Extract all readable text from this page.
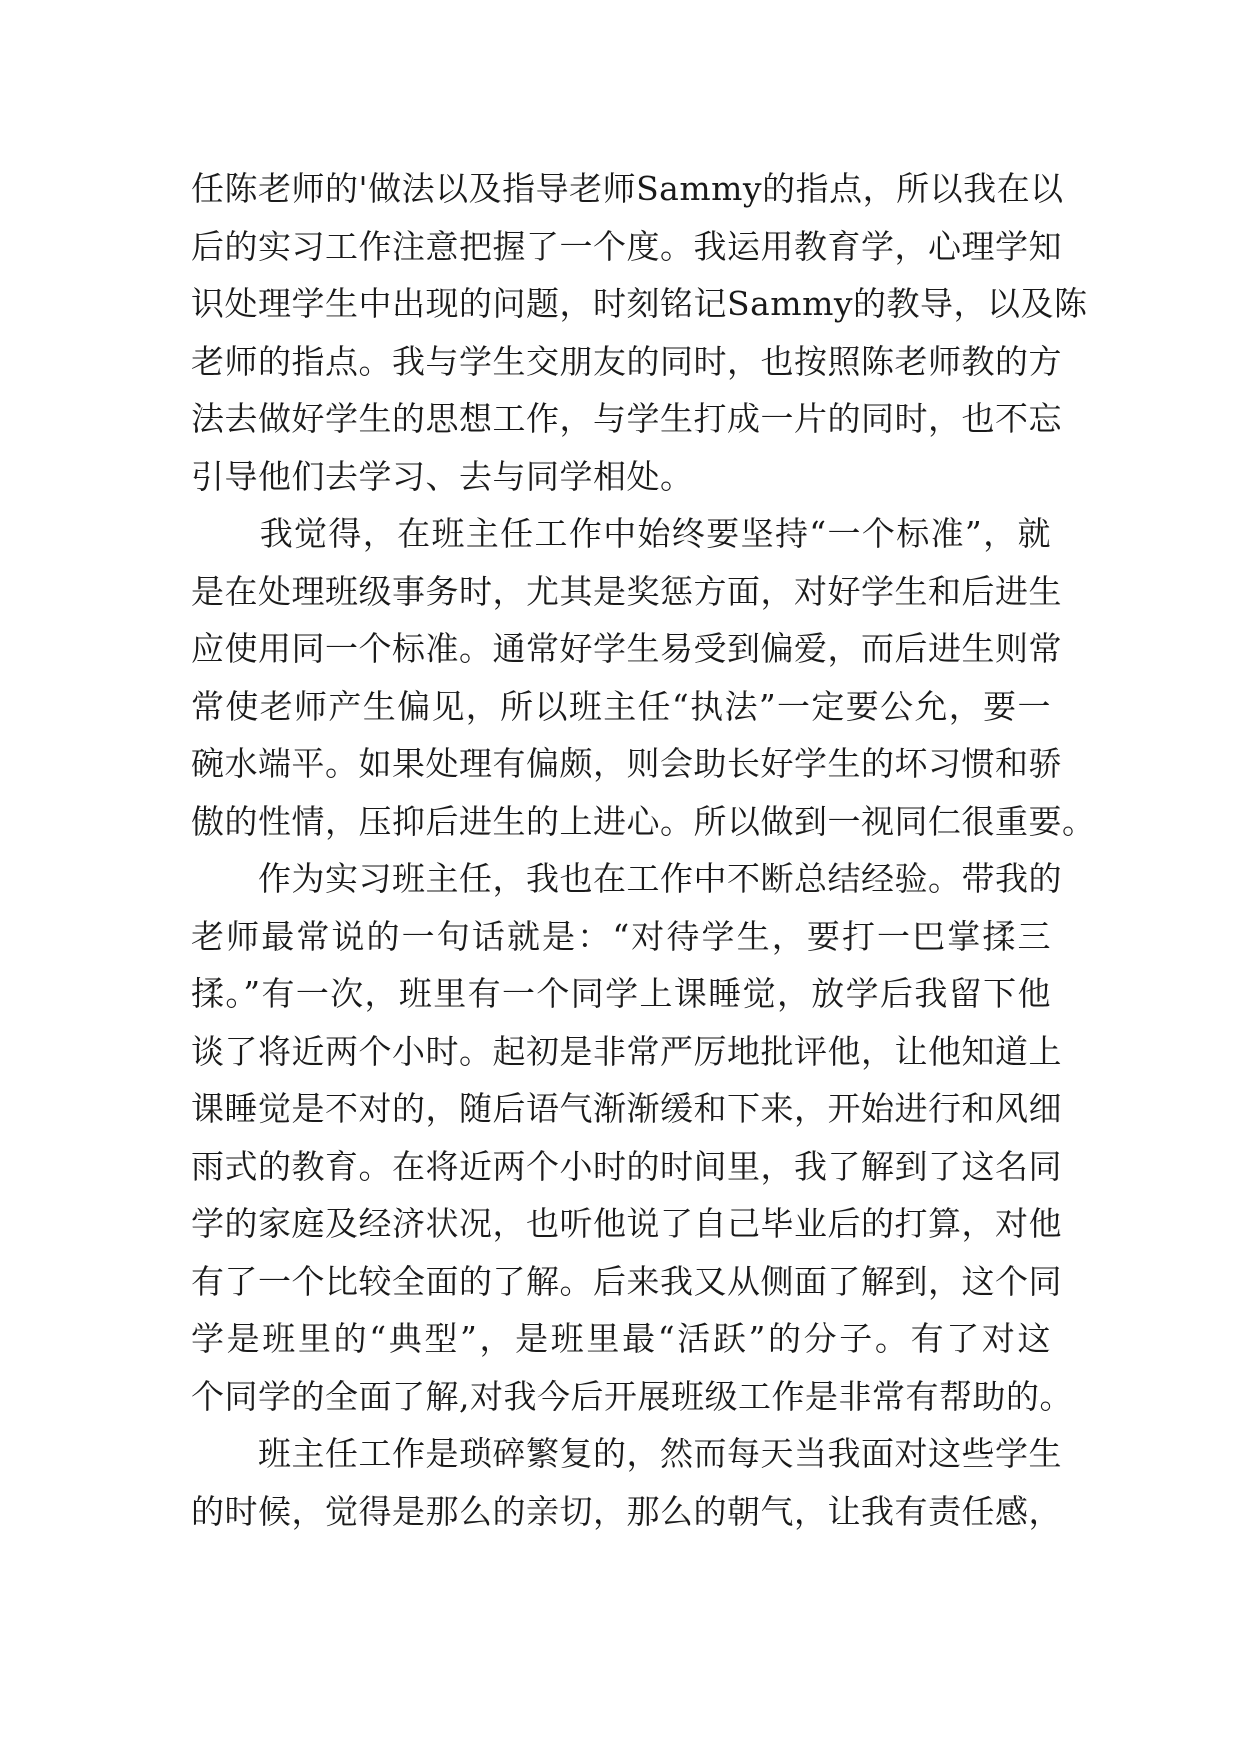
任陈老师的'做法以及指导老师Sammy的指点，所以我在以
后的实习工作注意把握了一个度。我运用教育学，心理学知
识处理学生中出现的问题，时刻铭记Sammy的教导，以及陈
老师的指点。我与学生交朋友的同时，也按照陈老师教的方
法去做好学生的思想工作，与学生打成一片的同时，也不忘
引导他们去学习、去与同学相处。
　　我觉得，在班主任工作中始终要坚持“一个标准”，就
是在处理班级事务时，尤其是奖惩方面，对好学生和后进生
应使用同一个标准。通常好学生易受到偏爱，而后进生则常
常使老师产生偏见，所以班主任“执法”一定要公允，要一
碗水端平。如果处理有偏颇，则会助长好学生的坏习惯和骄
傲的性情，压抑后进生的上进心。所以做到一视同仁很重要。
　　作为实习班主任，我也在工作中不断总结经验。带我的
老师最常说的一句话就是：“对待学生，要打一巴掌揉三
揉。”有一次，班里有一个同学上课睡觉，放学后我留下他
谈了将近两个小时。起初是非常严厉地批评他，让他知道上
课睡觉是不对的，随后语气渐渐缓和下来，开始进行和风细
雨式的教育。在将近两个小时的时间里，我了解到了这名同
学的家庭及经济状况，也听他说了自己毕业后的打算，对他
有了一个比较全面的了解。后来我又从侧面了解到，这个同
学是班里的“典型”，是班里最“活跃”的分子。有了对这
个同学的全面了解,对我今后开展班级工作是非常有帮助的。
　　班主任工作是琐碎繁复的，然而每天当我面对这些学生
的时候，觉得是那么的亲切，那么的朝气，让我有责任感，
